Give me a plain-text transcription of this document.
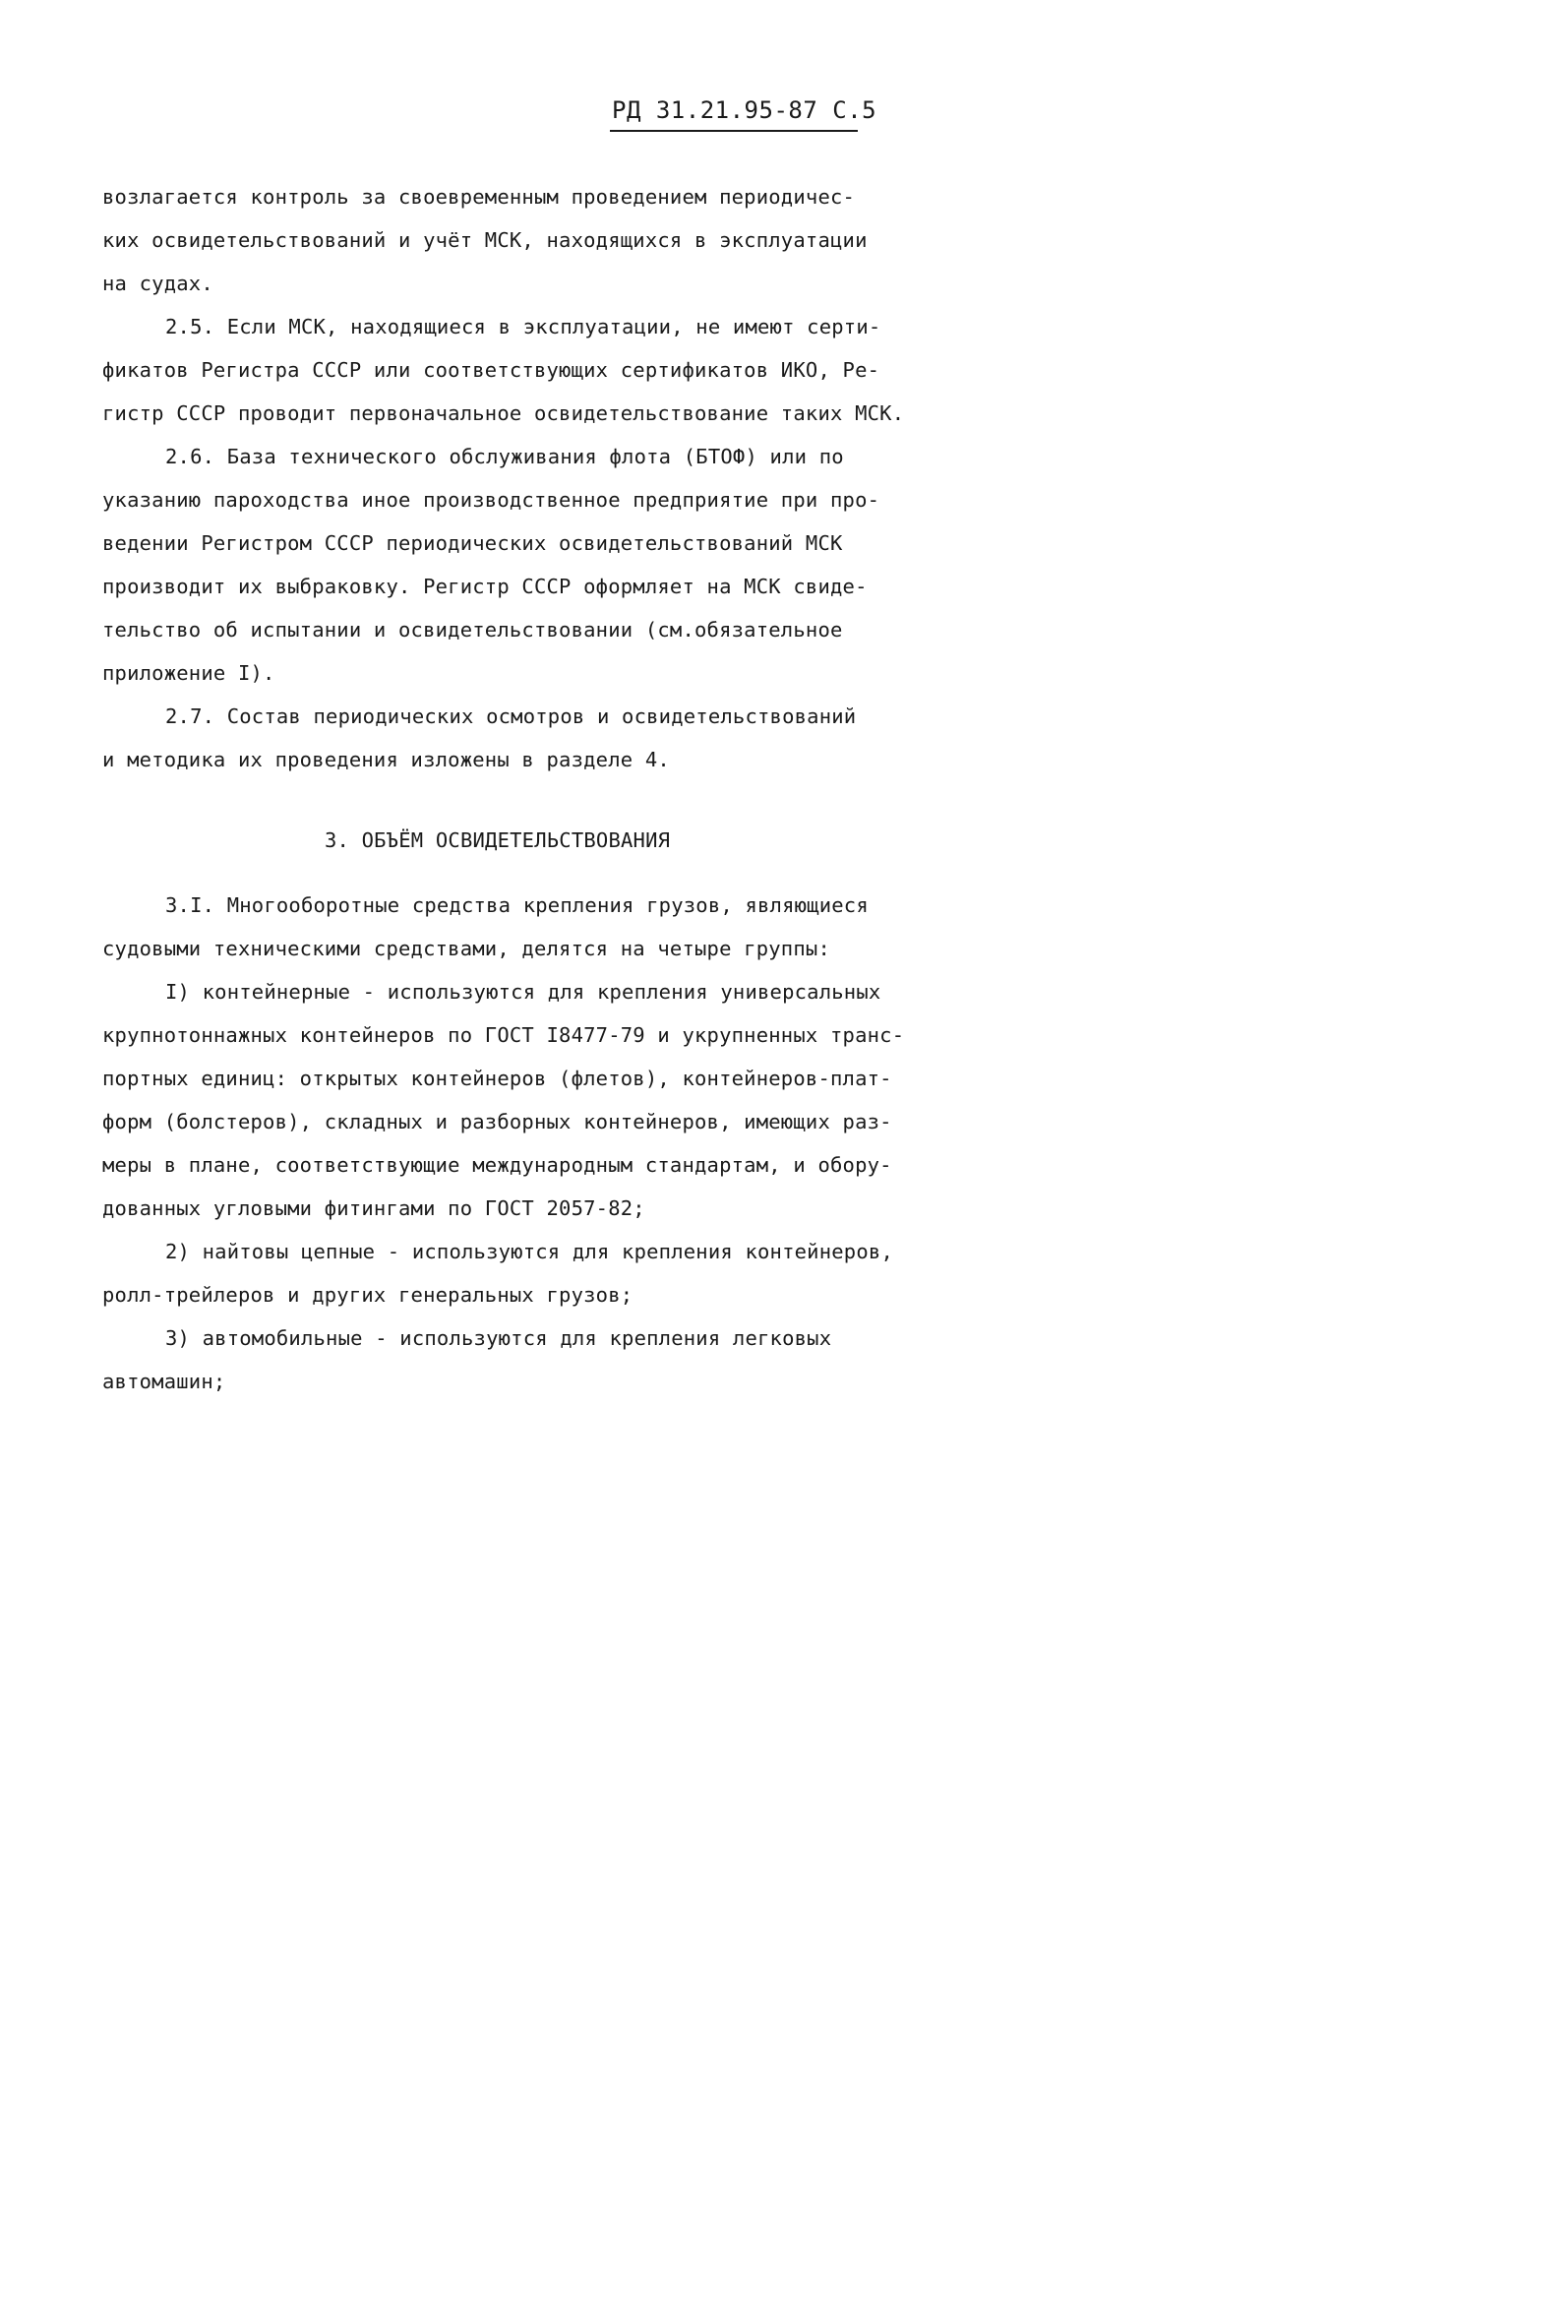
РД 31.21.95-87 С.5
возлагается контроль за своевременным проведением периодичес-
ких освидетельствований и учёт МСК, находящихся в эксплуатации
на судах.
2.5. Если МСК, находящиеся в эксплуатации, не имеют серти-
фикатов Регистра СССР или соответствующих сертификатов ИКО, Ре-
гистр СССР проводит первоначальное освидетельствование таких МСК.
2.6. База технического обслуживания флота (БТОФ) или по
указанию пароходства иное производственное предприятие при про-
ведении Регистром СССР периодических освидетельствований МСК
производит их выбраковку. Регистр СССР оформляет на МСК свиде-
тельство об испытании и освидетельствовании (см.обязательное
приложение I).
2.7. Состав периодических осмотров и освидетельствований
и методика их проведения изложены в разделе 4.
3. ОБЪЁМ ОСВИДЕТЕЛЬСТВОВАНИЯ
3.I. Многооборотные средства крепления грузов, являющиеся
судовыми техническими средствами, делятся на четыре группы:
I) контейнерные - используются для крепления универсальных
крупнотоннажных контейнеров по ГОСТ I8477-79 и укрупненных транс-
портных единиц: открытых контейнеров (флетов), контейнеров-плат-
форм (болстеров), складных и разборных контейнеров, имеющих раз-
меры в плане, соответствующие международным стандартам, и обору-
дованных угловыми фитингами по ГОСТ 2057-82;
2) найтовы цепные - используются для крепления контейнеров,
ролл-трейлеров и других генеральных грузов;
3) автомобильные - используются для крепления легковых
автомашин;
